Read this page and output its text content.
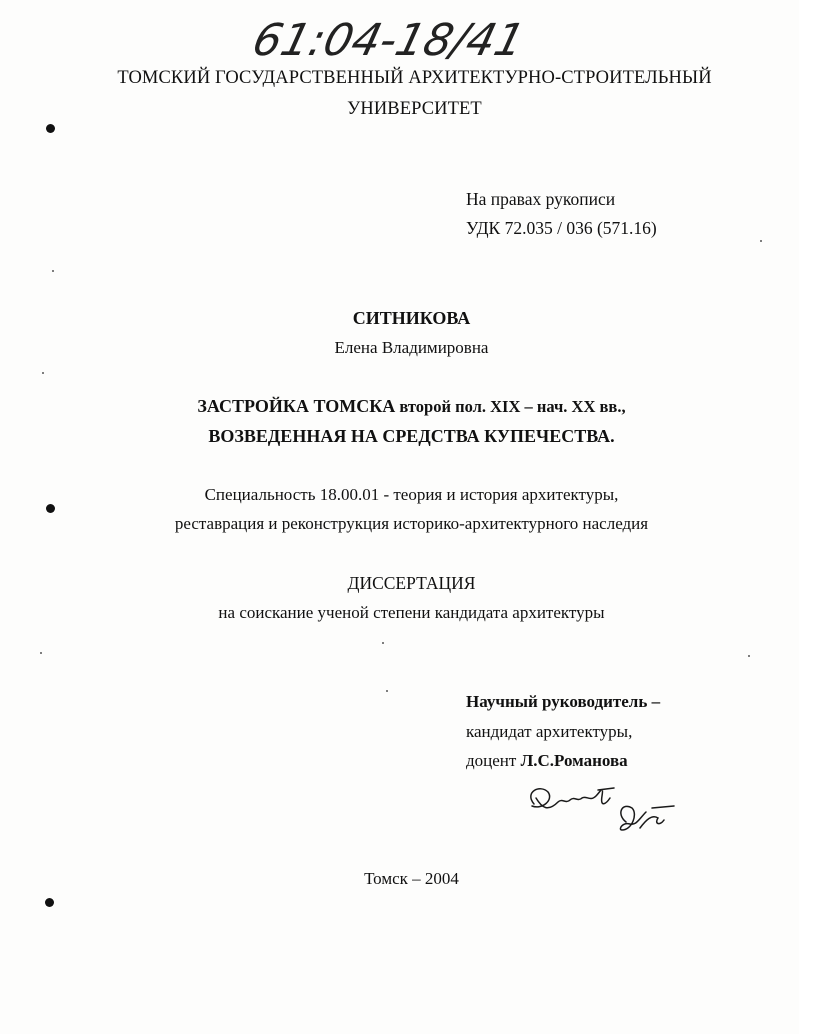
61:04-18/41
ТОМСКИЙ ГОСУДАРСТВЕННЫЙ АРХИТЕКТУРНО-СТРОИТЕЛЬНЫЙ
УНИВЕРСИТЕТ
На правах рукописи
УДК 72.035 / 036 (571.16)
СИТНИКОВА
Елена Владимировна
ЗАСТРОЙКА ТОМСКА второй пол. XIX – нач. XX вв.,
ВОЗВЕДЕННАЯ НА СРЕДСТВА КУПЕЧЕСТВА.
Специальность 18.00.01 - теория и история архитектуры,
реставрация и реконструкция историко-архитектурного наследия
ДИССЕРТАЦИЯ
на соискание ученой степени кандидата архитектуры
Научный руководитель –
кандидат архитектуры,
доцент Л.С.Романова
Томск – 2004
